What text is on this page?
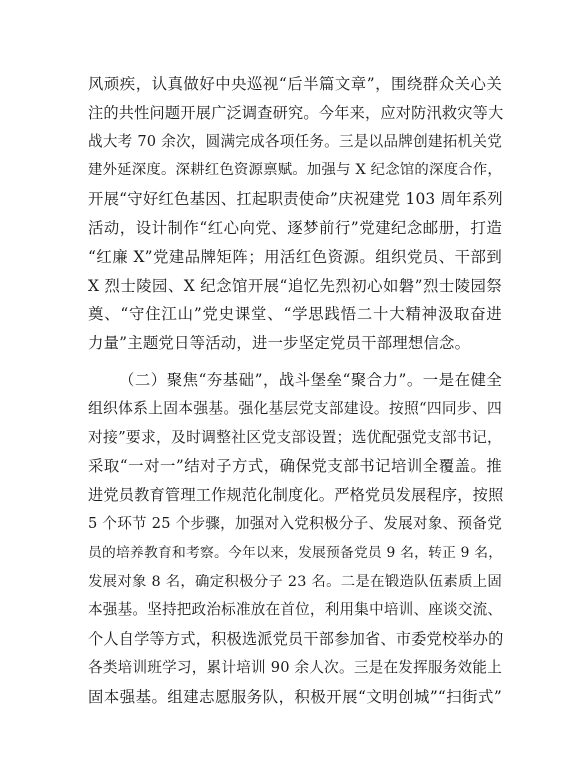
风顽疾，认真做好中央巡视“后半篇文章”，围绕群众关心关
注的共性问题开展广泛调查研究。今年来，应对防汛救灾等大
战大考 70 余次，圆满完成各项任务。三是以品牌创建拓机关党
建外延深度。深耕红色资源禀赋。加强与 X 纪念馆的深度合作，
开展“守好红色基因、扛起职责使命”庆祝建党 103 周年系列
活动，设计制作“红心向党、逐梦前行”党建纪念邮册，打造
“红廉 X”党建品牌矩阵；用活红色资源。组织党员、干部到
X 烈士陵园、X 纪念馆开展“追忆先烈初心如磐”烈士陵园祭
奠、“守住江山”党史课堂、“学思践悟二十大精神汲取奋进
力量”主题党日等活动，进一步坚定党员干部理想信念。
（二）聚焦“夯基础”，战斗堡垒“聚合力”。一是在健全
组织体系上固本强基。强化基层党支部建设。按照“四同步、四
对接”要求，及时调整社区党支部设置；选优配强党支部书记，
采取“一对一”结对子方式，确保党支部书记培训全覆盖。推
进党员教育管理工作规范化制度化。严格党员发展程序，按照
5 个环节 25 个步骤，加强对入党积极分子、发展对象、预备党
员的培养教育和考察。今年以来，发展预备党员 9 名，转正 9 名，
发展对象 8 名，确定积极分子 23 名。二是在锻造队伍素质上固
本强基。坚持把政治标准放在首位，利用集中培训、座谈交流、
个人自学等方式，积极选派党员干部参加省、市委党校举办的
各类培训班学习，累计培训 90 余人次。三是在发挥服务效能上
固本强基。组建志愿服务队，积极开展“文明创城”“扫街式”
